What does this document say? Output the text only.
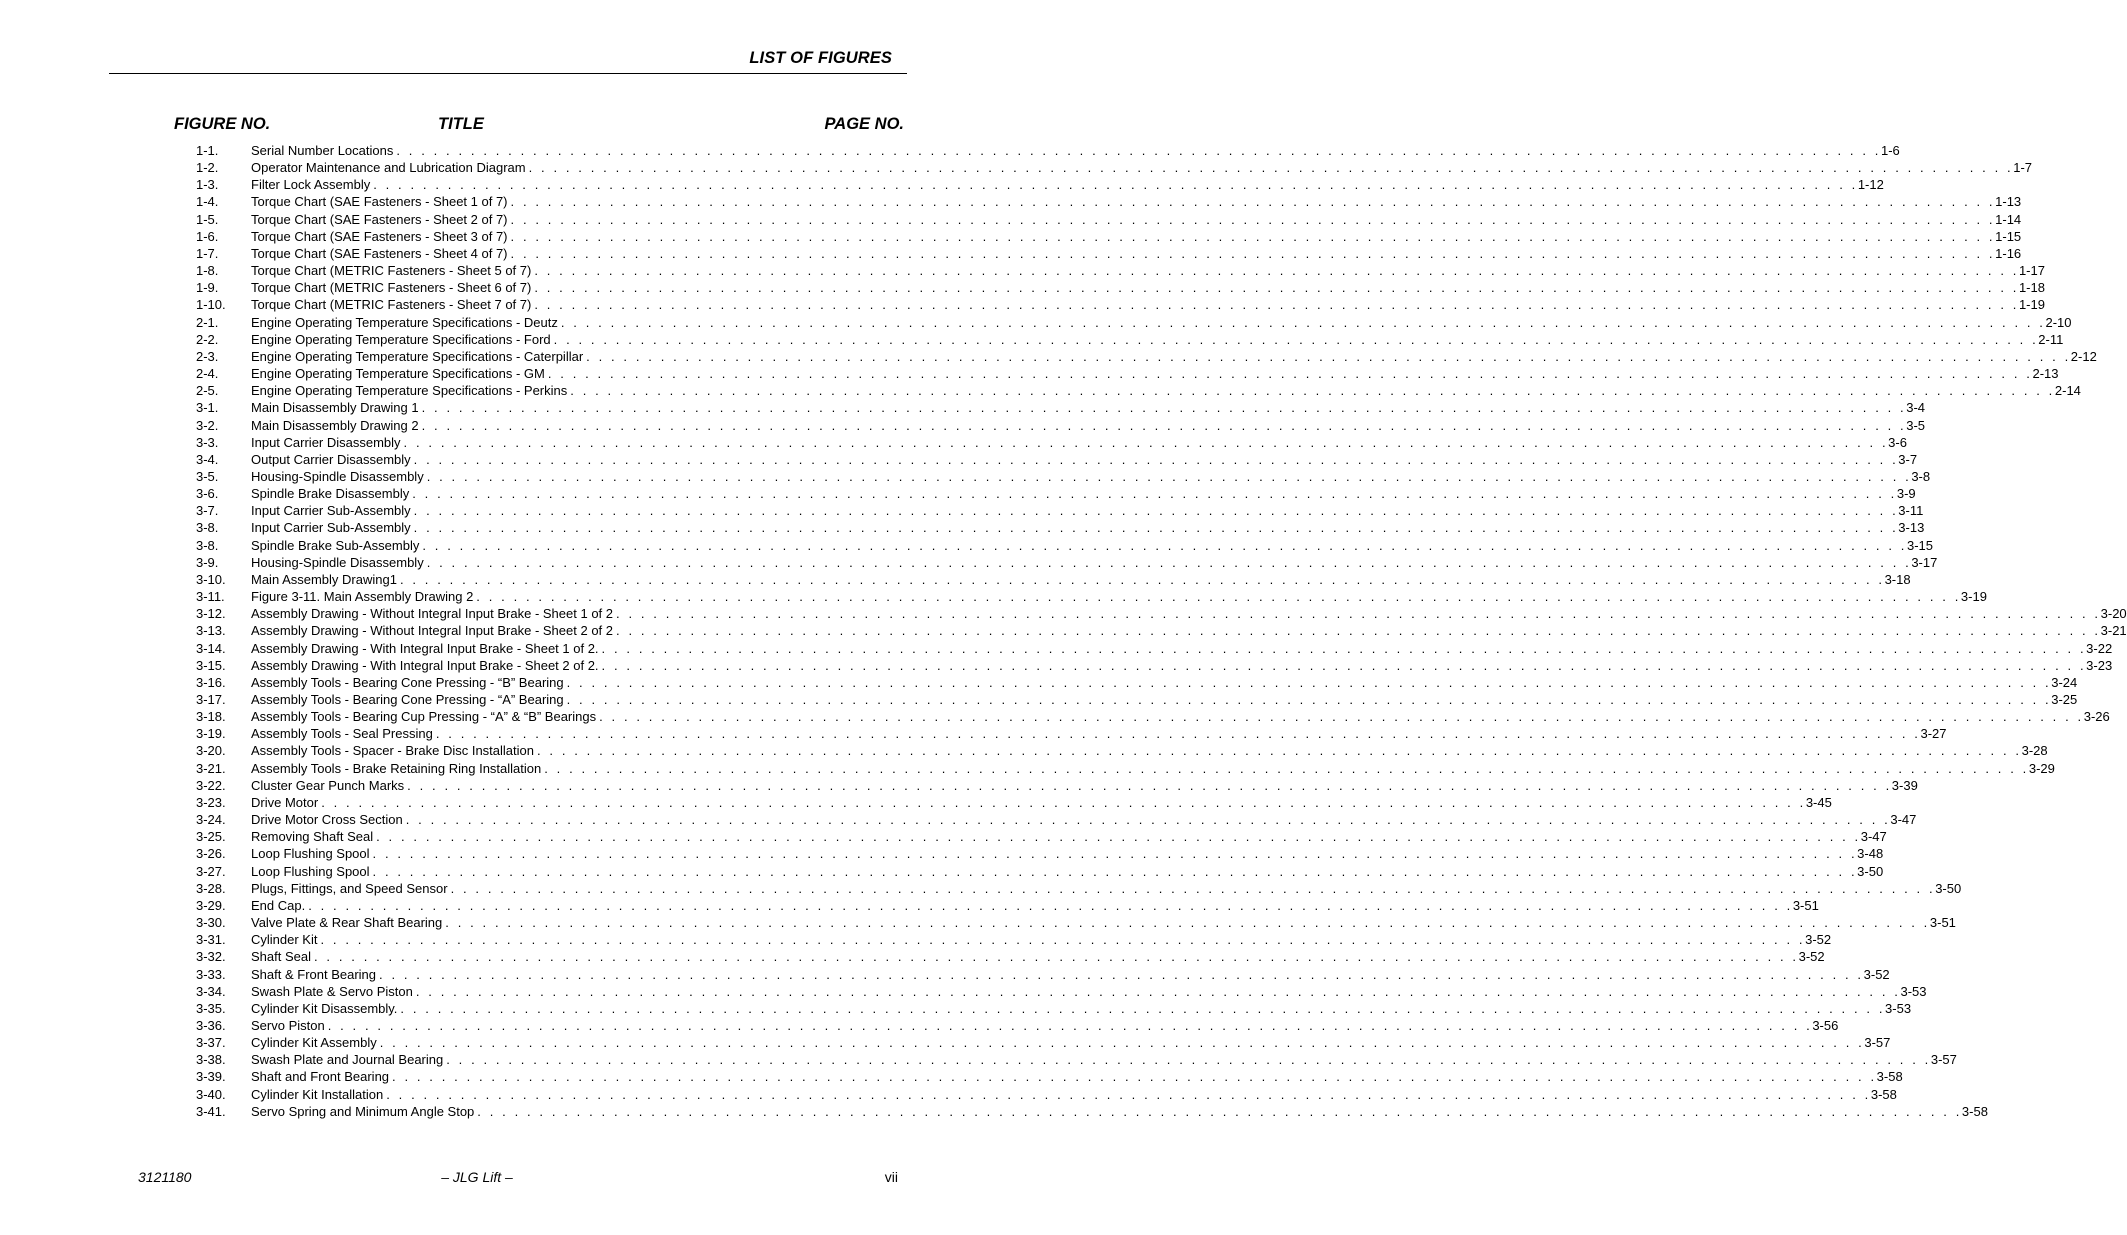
LIST OF FIGURES
FIGURE NO.	TITLE	PAGE NO.
1-1.	Serial Number Locations . . . . . . . . . . . . . . . . . . . . . . . . . . . . . . . . . . . . . . . . . . . . . . . . . . . . . . . . . . . . . . . . . . . . . . . . . . . . . . . . . . . . . . . . . . . . . . . . . . . . . . . . . . . . . . . . . . . . . . . . 1-6
1-2.	Operator Maintenance and Lubrication Diagram . . . . . . . . . . . . . . . . . . . . . . . . . . . . . . . . . . . . . . . . . . . . . . . . . . . . . . . . . . . . . . . . . . . . . . . . . . . . . . . . . . . . . . . . . . . . . . . . . . . . . . . . . . . . . . . . . . . . . . . . 1-7
1-3.	Filter Lock Assembly . . . . . . . . . . . . . . . . . . . . . . . . . . . . . . . . . . . . . . . . . . . . . . . . . . . . . . . . . . . . . . . . . . . . . . . . . . . . . . . . . . . . . . . . . . . . . . . . . . . . . . . . . . . . . . . . . . . . . . . . 1-12
1-4.	Torque Chart (SAE Fasteners - Sheet 1 of 7) . . . . . . . . . . . . . . . . . . . . . . . . . . . . . . . . . . . . . . . . . . . . . . . . . . . . . . . . . . . . . . . . . . . . . . . . . . . . . . . . . . . . . . . . . . . . . . . . . . . . . . . . . . . . . . . . . . . . . . . . 1-13
1-5.	Torque Chart (SAE Fasteners - Sheet 2 of 7) . . . . . . . . . . . . . . . . . . . . . . . . . . . . . . . . . . . . . . . . . . . . . . . . . . . . . . . . . . . . . . . . . . . . . . . . . . . . . . . . . . . . . . . . . . . . . . . . . . . . . . . . . . . . . . . . . . . . . . . . 1-14
1-6.	Torque Chart (SAE Fasteners - Sheet 3 of 7) . . . . . . . . . . . . . . . . . . . . . . . . . . . . . . . . . . . . . . . . . . . . . . . . . . . . . . . . . . . . . . . . . . . . . . . . . . . . . . . . . . . . . . . . . . . . . . . . . . . . . . . . . . . . . . . . . . . . . . . . 1-15
1-7.	Torque Chart (SAE Fasteners - Sheet 4 of 7) . . . . . . . . . . . . . . . . . . . . . . . . . . . . . . . . . . . . . . . . . . . . . . . . . . . . . . . . . . . . . . . . . . . . . . . . . . . . . . . . . . . . . . . . . . . . . . . . . . . . . . . . . . . . . . . . . . . . . . . . 1-16
1-8.	Torque Chart (METRIC Fasteners - Sheet 5 of 7) . . . . . . . . . . . . . . . . . . . . . . . . . . . . . . . . . . . . . . . . . . . . . . . . . . . . . . . . . . . . . . . . . . . . . . . . . . . . . . . . . . . . . . . . . . . . . . . . . . . . . . . . . . . . . . . . . . . . . . . . 1-17
1-9.	Torque Chart (METRIC Fasteners - Sheet 6 of 7) . . . . . . . . . . . . . . . . . . . . . . . . . . . . . . . . . . . . . . . . . . . . . . . . . . . . . . . . . . . . . . . . . . . . . . . . . . . . . . . . . . . . . . . . . . . . . . . . . . . . . . . . . . . . . . . . . . . . . . . . 1-18
1-10.	Torque Chart (METRIC Fasteners - Sheet 7 of 7) . . . . . . . . . . . . . . . . . . . . . . . . . . . . . . . . . . . . . . . . . . . . . . . . . . . . . . . . . . . . . . . . . . . . . . . . . . . . . . . . . . . . . . . . . . . . . . . . . . . . . . . . . . . . . . . . . . . . . . . . 1-19
2-1.	Engine Operating Temperature Specifications - Deutz . . . . . . . . . . . . . . . . . . . . . . . . . . . . . . . . . . . . . . . . . . . . . . . . . . . . . . . . . . . . . . . . . . . . . . . . . . . . . . . . . . . . . . . . . . . . . . . . . . . . . . . . . . . . . . . . . . . . . . . . 2-10
2-2.	Engine Operating Temperature Specifications - Ford . . . . . . . . . . . . . . . . . . . . . . . . . . . . . . . . . . . . . . . . . . . . . . . . . . . . . . . . . . . . . . . . . . . . . . . . . . . . . . . . . . . . . . . . . . . . . . . . . . . . . . . . . . . . . . . . . . . . . . . . 2-11
2-3.	Engine Operating Temperature Specifications - Caterpillar . . . . . . . . . . . . . . . . . . . . . . . . . . . . . . . . . . . . . . . . . . . . . . . . . . . . . . . . . . . . . . . . . . . . . . . . . . . . . . . . . . . . . . . . . . . . . . . . . . . . . . . . . . . . . . . . . . . . . . . . 2-12
2-4.	Engine Operating Temperature Specifications - GM . . . . . . . . . . . . . . . . . . . . . . . . . . . . . . . . . . . . . . . . . . . . . . . . . . . . . . . . . . . . . . . . . . . . . . . . . . . . . . . . . . . . . . . . . . . . . . . . . . . . . . . . . . . . . . . . . . . . . . . . 2-13
2-5.	Engine Operating Temperature Specifications - Perkins . . . . . . . . . . . . . . . . . . . . . . . . . . . . . . . . . . . . . . . . . . . . . . . . . . . . . . . . . . . . . . . . . . . . . . . . . . . . . . . . . . . . . . . . . . . . . . . . . . . . . . . . . . . . . . . . . . . . . . . . 2-14
3-1.	Main Disassembly Drawing 1 . . . . . . . . . . . . . . . . . . . . . . . . . . . . . . . . . . . . . . . . . . . . . . . . . . . . . . . . . . . . . . . . . . . . . . . . . . . . . . . . . . . . . . . . . . . . . . . . . . . . . . . . . . . . . . . . . . . . . . . . 3-4
3-2.	Main Disassembly Drawing 2 . . . . . . . . . . . . . . . . . . . . . . . . . . . . . . . . . . . . . . . . . . . . . . . . . . . . . . . . . . . . . . . . . . . . . . . . . . . . . . . . . . . . . . . . . . . . . . . . . . . . . . . . . . . . . . . . . . . . . . . . 3-5
3-3.	Input Carrier Disassembly . . . . . . . . . . . . . . . . . . . . . . . . . . . . . . . . . . . . . . . . . . . . . . . . . . . . . . . . . . . . . . . . . . . . . . . . . . . . . . . . . . . . . . . . . . . . . . . . . . . . . . . . . . . . . . . . . . . . . . . . 3-6
3-4.	Output Carrier Disassembly . . . . . . . . . . . . . . . . . . . . . . . . . . . . . . . . . . . . . . . . . . . . . . . . . . . . . . . . . . . . . . . . . . . . . . . . . . . . . . . . . . . . . . . . . . . . . . . . . . . . . . . . . . . . . . . . . . . . . . . . 3-7
3-5.	Housing-Spindle Disassembly . . . . . . . . . . . . . . . . . . . . . . . . . . . . . . . . . . . . . . . . . . . . . . . . . . . . . . . . . . . . . . . . . . . . . . . . . . . . . . . . . . . . . . . . . . . . . . . . . . . . . . . . . . . . . . . . . . . . . . . . 3-8
3-6.	Spindle Brake Disassembly . . . . . . . . . . . . . . . . . . . . . . . . . . . . . . . . . . . . . . . . . . . . . . . . . . . . . . . . . . . . . . . . . . . . . . . . . . . . . . . . . . . . . . . . . . . . . . . . . . . . . . . . . . . . . . . . . . . . . . . . 3-9
3-7.	Input Carrier Sub-Assembly . . . . . . . . . . . . . . . . . . . . . . . . . . . . . . . . . . . . . . . . . . . . . . . . . . . . . . . . . . . . . . . . . . . . . . . . . . . . . . . . . . . . . . . . . . . . . . . . . . . . . . . . . . . . . . . . . . . . . . . . 3-11
3-8.	Input Carrier Sub-Assembly . . . . . . . . . . . . . . . . . . . . . . . . . . . . . . . . . . . . . . . . . . . . . . . . . . . . . . . . . . . . . . . . . . . . . . . . . . . . . . . . . . . . . . . . . . . . . . . . . . . . . . . . . . . . . . . . . . . . . . . . 3-13
3-8.	Spindle Brake Sub-Assembly . . . . . . . . . . . . . . . . . . . . . . . . . . . . . . . . . . . . . . . . . . . . . . . . . . . . . . . . . . . . . . . . . . . . . . . . . . . . . . . . . . . . . . . . . . . . . . . . . . . . . . . . . . . . . . . . . . . . . . . . 3-15
3-9.	Housing-Spindle Disassembly . . . . . . . . . . . . . . . . . . . . . . . . . . . . . . . . . . . . . . . . . . . . . . . . . . . . . . . . . . . . . . . . . . . . . . . . . . . . . . . . . . . . . . . . . . . . . . . . . . . . . . . . . . . . . . . . . . . . . . . . 3-17
3-10.	Main Assembly Drawing1 . . . . . . . . . . . . . . . . . . . . . . . . . . . . . . . . . . . . . . . . . . . . . . . . . . . . . . . . . . . . . . . . . . . . . . . . . . . . . . . . . . . . . . . . . . . . . . . . . . . . . . . . . . . . . . . . . . . . . . . . 3-18
3-11.	Figure 3-11. Main Assembly Drawing 2 . . . . . . . . . . . . . . . . . . . . . . . . . . . . . . . . . . . . . . . . . . . . . . . . . . . . . . . . . . . . . . . . . . . . . . . . . . . . . . . . . . . . . . . . . . . . . . . . . . . . . . . . . . . . . . . . . . . . . . . . 3-19
3-12.	Assembly Drawing - Without Integral Input Brake - Sheet 1 of 2 . . . . . . . . . . . . . . . . . . . . . . . . . . . . . . . . . . . . . . . . . . . . . . . . . . . . . . . . . . . . . . . . . . . . . . . . . . . . . . . . . . . . . . . . . . . . . . . . . . . . . . . . . . . . . . . . . . . . . . . . 3-20
3-13.	Assembly Drawing - Without Integral Input Brake - Sheet 2 of 2 . . . . . . . . . . . . . . . . . . . . . . . . . . . . . . . . . . . . . . . . . . . . . . . . . . . . . . . . . . . . . . . . . . . . . . . . . . . . . . . . . . . . . . . . . . . . . . . . . . . . . . . . . . . . . . . . . . . . . . . . 3-21
3-14.	Assembly Drawing - With Integral Input Brake - Sheet 1 of 2. . . . . . . . . . . . . . . . . . . . . . . . . . . . . . . . . . . . . . . . . . . . . . . . . . . . . . . . . . . . . . . . . . . . . . . . . . . . . . . . . . . . . . . . . . . . . . . . . . . . . . . . . . . . . . . . . . . . . . . . . 3-22
3-15.	Assembly Drawing - With Integral Input Brake - Sheet 2 of 2. . . . . . . . . . . . . . . . . . . . . . . . . . . . . . . . . . . . . . . . . . . . . . . . . . . . . . . . . . . . . . . . . . . . . . . . . . . . . . . . . . . . . . . . . . . . . . . . . . . . . . . . . . . . . . . . . . . . . . . . . 3-23
3-16.	Assembly Tools - Bearing Cone Pressing - “B” Bearing . . . . . . . . . . . . . . . . . . . . . . . . . . . . . . . . . . . . . . . . . . . . . . . . . . . . . . . . . . . . . . . . . . . . . . . . . . . . . . . . . . . . . . . . . . . . . . . . . . . . . . . . . . . . . . . . . . . . . . . . 3-24
3-17.	Assembly Tools - Bearing Cone Pressing - “A” Bearing . . . . . . . . . . . . . . . . . . . . . . . . . . . . . . . . . . . . . . . . . . . . . . . . . . . . . . . . . . . . . . . . . . . . . . . . . . . . . . . . . . . . . . . . . . . . . . . . . . . . . . . . . . . . . . . . . . . . . . . . 3-25
3-18.	Assembly Tools - Bearing Cup Pressing - “A” & “B” Bearings . . . . . . . . . . . . . . . . . . . . . . . . . . . . . . . . . . . . . . . . . . . . . . . . . . . . . . . . . . . . . . . . . . . . . . . . . . . . . . . . . . . . . . . . . . . . . . . . . . . . . . . . . . . . . . . . . . . . . . . . 3-26
3-19.	Assembly Tools - Seal Pressing . . . . . . . . . . . . . . . . . . . . . . . . . . . . . . . . . . . . . . . . . . . . . . . . . . . . . . . . . . . . . . . . . . . . . . . . . . . . . . . . . . . . . . . . . . . . . . . . . . . . . . . . . . . . . . . . . . . . . . . . 3-27
3-20.	Assembly Tools - Spacer - Brake Disc Installation . . . . . . . . . . . . . . . . . . . . . . . . . . . . . . . . . . . . . . . . . . . . . . . . . . . . . . . . . . . . . . . . . . . . . . . . . . . . . . . . . . . . . . . . . . . . . . . . . . . . . . . . . . . . . . . . . . . . . . . . 3-28
3-21.	Assembly Tools - Brake Retaining Ring Installation . . . . . . . . . . . . . . . . . . . . . . . . . . . . . . . . . . . . . . . . . . . . . . . . . . . . . . . . . . . . . . . . . . . . . . . . . . . . . . . . . . . . . . . . . . . . . . . . . . . . . . . . . . . . . . . . . . . . . . . . 3-29
3-22.	Cluster Gear Punch Marks . . . . . . . . . . . . . . . . . . . . . . . . . . . . . . . . . . . . . . . . . . . . . . . . . . . . . . . . . . . . . . . . . . . . . . . . . . . . . . . . . . . . . . . . . . . . . . . . . . . . . . . . . . . . . . . . . . . . . . . . 3-39
3-23.	Drive Motor . . . . . . . . . . . . . . . . . . . . . . . . . . . . . . . . . . . . . . . . . . . . . . . . . . . . . . . . . . . . . . . . . . . . . . . . . . . . . . . . . . . . . . . . . . . . . . . . . . . . . . . . . . . . . . . . . . . . . . . . 3-45
3-24.	Drive Motor Cross Section . . . . . . . . . . . . . . . . . . . . . . . . . . . . . . . . . . . . . . . . . . . . . . . . . . . . . . . . . . . . . . . . . . . . . . . . . . . . . . . . . . . . . . . . . . . . . . . . . . . . . . . . . . . . . . . . . . . . . . . . 3-47
3-25.	Removing Shaft Seal . . . . . . . . . . . . . . . . . . . . . . . . . . . . . . . . . . . . . . . . . . . . . . . . . . . . . . . . . . . . . . . . . . . . . . . . . . . . . . . . . . . . . . . . . . . . . . . . . . . . . . . . . . . . . . . . . . . . . . . . 3-47
3-26.	Loop Flushing Spool . . . . . . . . . . . . . . . . . . . . . . . . . . . . . . . . . . . . . . . . . . . . . . . . . . . . . . . . . . . . . . . . . . . . . . . . . . . . . . . . . . . . . . . . . . . . . . . . . . . . . . . . . . . . . . . . . . . . . . . . 3-48
3-27.	Loop Flushing Spool . . . . . . . . . . . . . . . . . . . . . . . . . . . . . . . . . . . . . . . . . . . . . . . . . . . . . . . . . . . . . . . . . . . . . . . . . . . . . . . . . . . . . . . . . . . . . . . . . . . . . . . . . . . . . . . . . . . . . . . . 3-50
3-28.	Plugs, Fittings, and Speed Sensor . . . . . . . . . . . . . . . . . . . . . . . . . . . . . . . . . . . . . . . . . . . . . . . . . . . . . . . . . . . . . . . . . . . . . . . . . . . . . . . . . . . . . . . . . . . . . . . . . . . . . . . . . . . . . . . . . . . . . . . . 3-50
3-29.	End Cap. . . . . . . . . . . . . . . . . . . . . . . . . . . . . . . . . . . . . . . . . . . . . . . . . . . . . . . . . . . . . . . . . . . . . . . . . . . . . . . . . . . . . . . . . . . . . . . . . . . . . . . . . . . . . . . . . . . . . . . . . 3-51
3-30.	Valve Plate & Rear Shaft Bearing . . . . . . . . . . . . . . . . . . . . . . . . . . . . . . . . . . . . . . . . . . . . . . . . . . . . . . . . . . . . . . . . . . . . . . . . . . . . . . . . . . . . . . . . . . . . . . . . . . . . . . . . . . . . . . . . . . . . . . . . 3-51
3-31.	Cylinder Kit . . . . . . . . . . . . . . . . . . . . . . . . . . . . . . . . . . . . . . . . . . . . . . . . . . . . . . . . . . . . . . . . . . . . . . . . . . . . . . . . . . . . . . . . . . . . . . . . . . . . . . . . . . . . . . . . . . . . . . . . 3-52
3-32.	Shaft Seal . . . . . . . . . . . . . . . . . . . . . . . . . . . . . . . . . . . . . . . . . . . . . . . . . . . . . . . . . . . . . . . . . . . . . . . . . . . . . . . . . . . . . . . . . . . . . . . . . . . . . . . . . . . . . . . . . . . . . . . . 3-52
3-33.	Shaft & Front Bearing . . . . . . . . . . . . . . . . . . . . . . . . . . . . . . . . . . . . . . . . . . . . . . . . . . . . . . . . . . . . . . . . . . . . . . . . . . . . . . . . . . . . . . . . . . . . . . . . . . . . . . . . . . . . . . . . . . . . . . . . 3-52
3-34.	Swash Plate & Servo Piston . . . . . . . . . . . . . . . . . . . . . . . . . . . . . . . . . . . . . . . . . . . . . . . . . . . . . . . . . . . . . . . . . . . . . . . . . . . . . . . . . . . . . . . . . . . . . . . . . . . . . . . . . . . . . . . . . . . . . . . . 3-53
3-35.	Cylinder Kit Disassembly. . . . . . . . . . . . . . . . . . . . . . . . . . . . . . . . . . . . . . . . . . . . . . . . . . . . . . . . . . . . . . . . . . . . . . . . . . . . . . . . . . . . . . . . . . . . . . . . . . . . . . . . . . . . . . . . . . . . . . . . . 3-53
3-36.	Servo Piston . . . . . . . . . . . . . . . . . . . . . . . . . . . . . . . . . . . . . . . . . . . . . . . . . . . . . . . . . . . . . . . . . . . . . . . . . . . . . . . . . . . . . . . . . . . . . . . . . . . . . . . . . . . . . . . . . . . . . . . . 3-56
3-37.	Cylinder Kit Assembly . . . . . . . . . . . . . . . . . . . . . . . . . . . . . . . . . . . . . . . . . . . . . . . . . . . . . . . . . . . . . . . . . . . . . . . . . . . . . . . . . . . . . . . . . . . . . . . . . . . . . . . . . . . . . . . . . . . . . . . . 3-57
3-38.	Swash Plate and Journal Bearing . . . . . . . . . . . . . . . . . . . . . . . . . . . . . . . . . . . . . . . . . . . . . . . . . . . . . . . . . . . . . . . . . . . . . . . . . . . . . . . . . . . . . . . . . . . . . . . . . . . . . . . . . . . . . . . . . . . . . . . . 3-57
3-39.	Shaft and Front Bearing . . . . . . . . . . . . . . . . . . . . . . . . . . . . . . . . . . . . . . . . . . . . . . . . . . . . . . . . . . . . . . . . . . . . . . . . . . . . . . . . . . . . . . . . . . . . . . . . . . . . . . . . . . . . . . . . . . . . . . . . 3-58
3-40.	Cylinder Kit Installation . . . . . . . . . . . . . . . . . . . . . . . . . . . . . . . . . . . . . . . . . . . . . . . . . . . . . . . . . . . . . . . . . . . . . . . . . . . . . . . . . . . . . . . . . . . . . . . . . . . . . . . . . . . . . . . . . . . . . . . . 3-58
3-41.	Servo Spring and Minimum Angle Stop . . . . . . . . . . . . . . . . . . . . . . . . . . . . . . . . . . . . . . . . . . . . . . . . . . . . . . . . . . . . . . . . . . . . . . . . . . . . . . . . . . . . . . . . . . . . . . . . . . . . . . . . . . . . . . . . . . . . . . . . 3-58
3121180	– JLG Lift –	vii
